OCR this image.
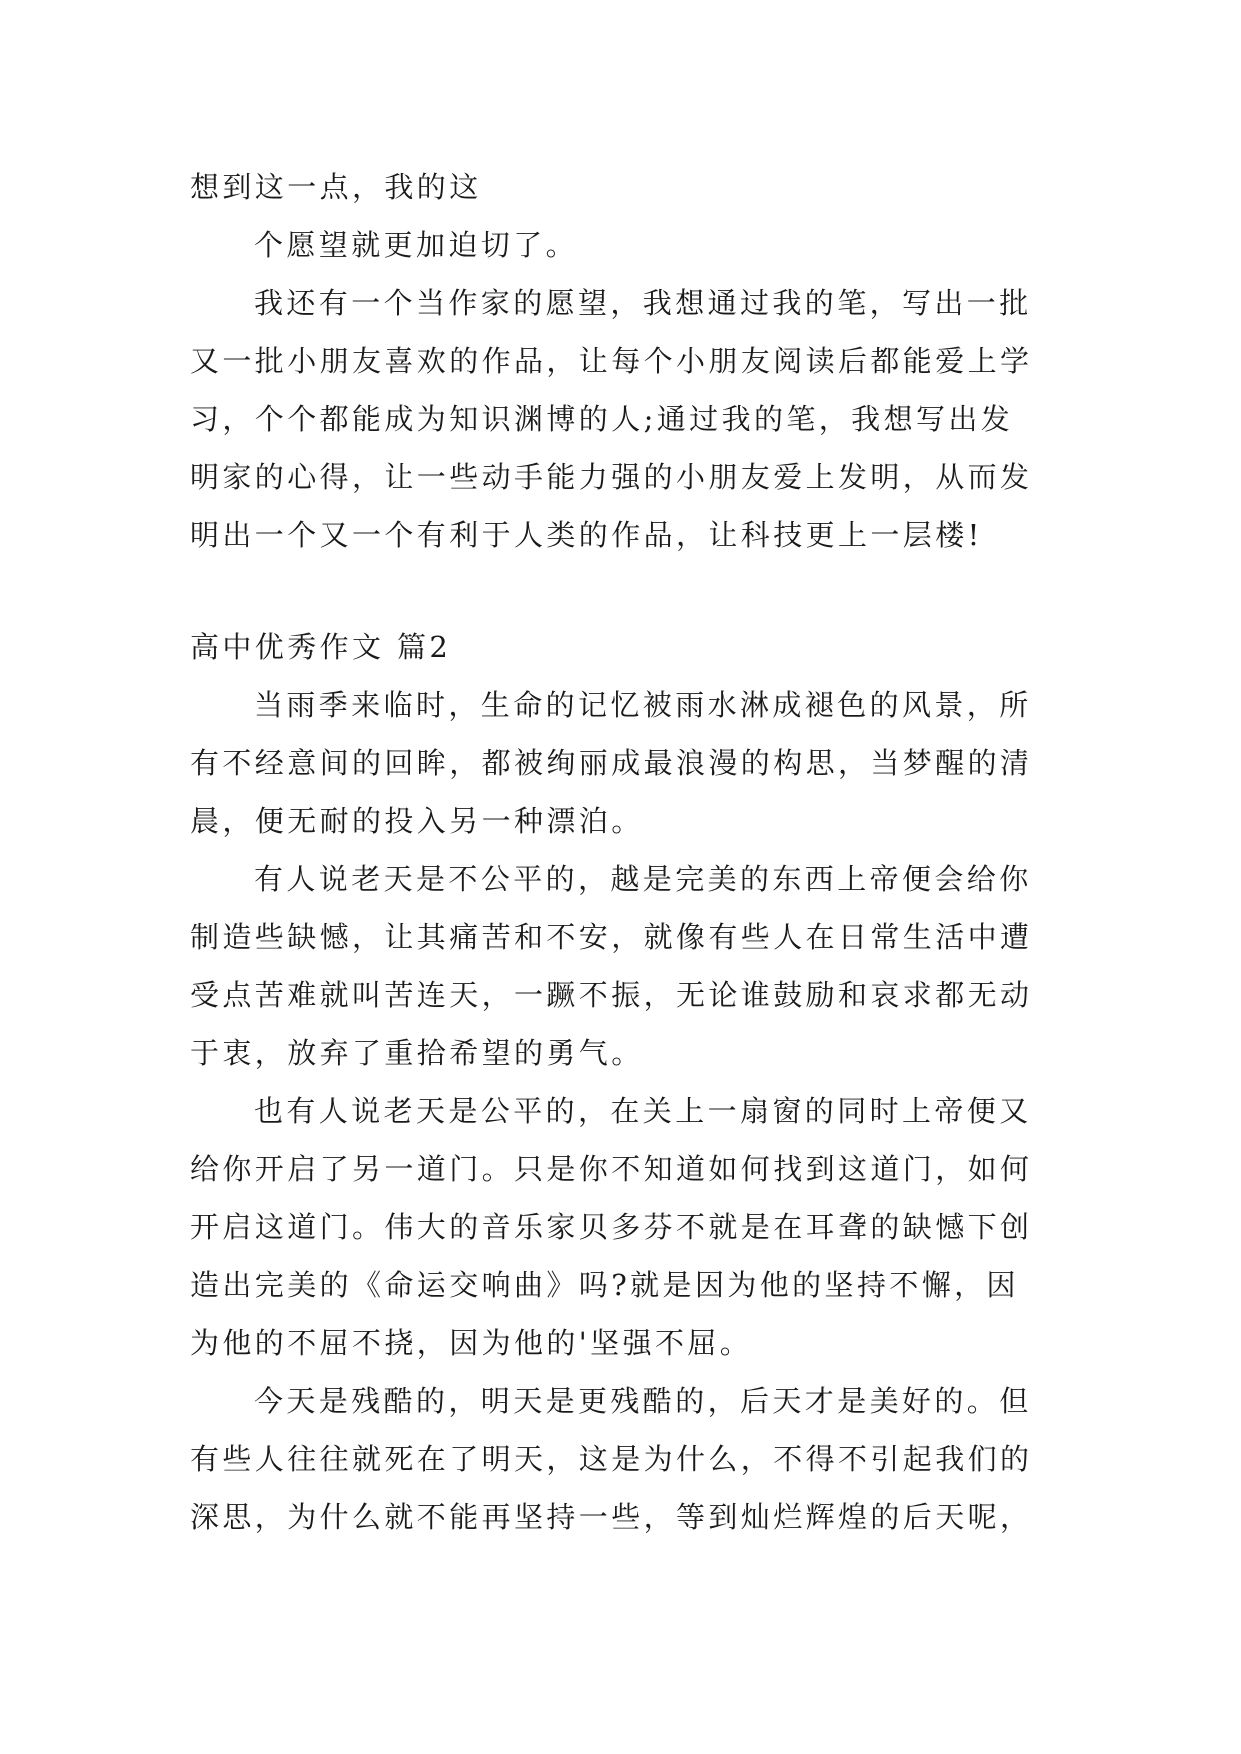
想到这一点，我的这
个愿望就更加迫切了。
我还有一个当作家的愿望，我想通过我的笔，写出一批
又一批小朋友喜欢的作品，让每个小朋友阅读后都能爱上学
习，个个都能成为知识渊博的人;通过我的笔，我想写出发
明家的心得，让一些动手能力强的小朋友爱上发明，从而发
明出一个又一个有利于人类的作品，让科技更上一层楼!
高中优秀作文 篇2
当雨季来临时，生命的记忆被雨水淋成褪色的风景，所
有不经意间的回眸，都被绚丽成最浪漫的构思，当梦醒的清
晨，便无耐的投入另一种漂泊。
有人说老天是不公平的，越是完美的东西上帝便会给你
制造些缺憾，让其痛苦和不安，就像有些人在日常生活中遭
受点苦难就叫苦连天，一蹶不振，无论谁鼓励和哀求都无动
于衷，放弃了重拾希望的勇气。
也有人说老天是公平的，在关上一扇窗的同时上帝便又
给你开启了另一道门。只是你不知道如何找到这道门，如何
开启这道门。伟大的音乐家贝多芬不就是在耳聋的缺憾下创
造出完美的《命运交响曲》吗?就是因为他的坚持不懈，因
为他的不屈不挠，因为他的'坚强不屈。
今天是残酷的，明天是更残酷的，后天才是美好的。但
有些人往往就死在了明天，这是为什么，不得不引起我们的
深思，为什么就不能再坚持一些，等到灿烂辉煌的后天呢，
